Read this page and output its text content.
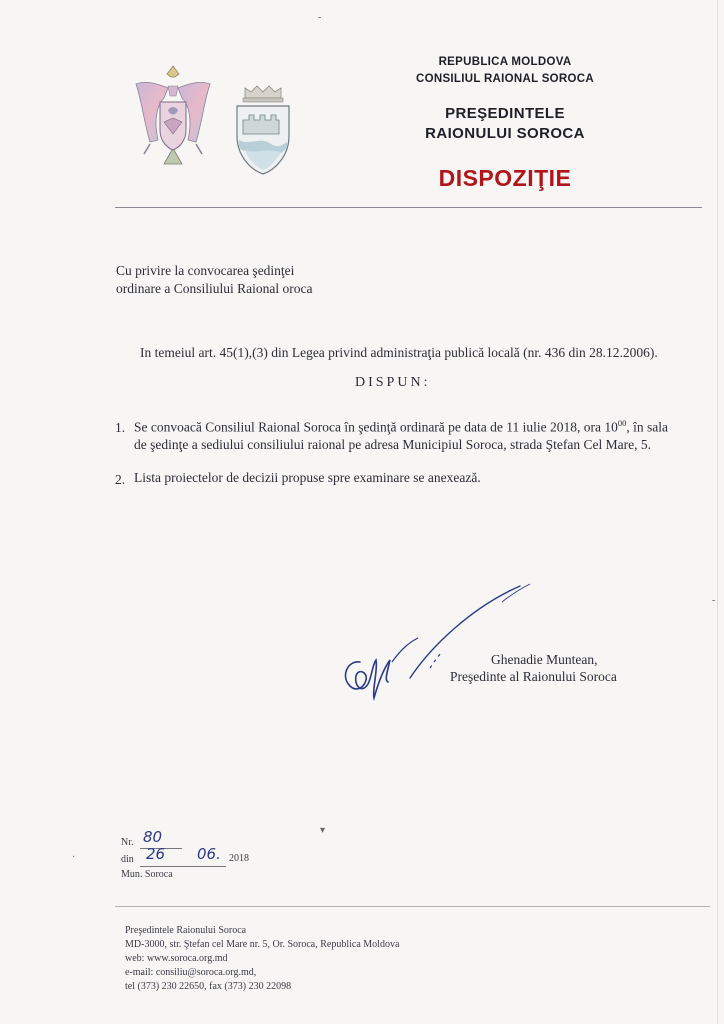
-
-
▾
·
REPUBLICA MOLDOVA
CONSILIUL RAIONAL SOROCA
PREŞEDINTELE
RAIONULUI SOROCA
DISPOZIŢIE
Cu privire la convocarea şedinţei
ordinare a Consiliului Raional oroca
In temeiul art. 45(1),(3) din Legea privind administraţia publică locală (nr. 436 din 28.12.2006).
DISPUN:
1. Se convoacă Consiliul Raional Soroca în şedinţă ordinară pe data de 11 iulie 2018, ora $10^{00}$, în sala
de şedinţe a sediului consiliului raional pe adresa Municipiul Soroca, strada Ştefan Cel Mare, 5.
2. Lista proiectelor de decizii propuse spre examinare se anexează.
Ghenadie Muntean,
Preşedinte al Raionului Soroca
Nr. 80
din 26 06. 2018
Mun. Soroca
Preşedintele Raionului Soroca
MD-3000, str. Ştefan cel Mare nr. 5, Or. Soroca, Republica Moldova
web: www.soroca.org.md
e-mail: consiliu@soroca.org.md,
tel (373) 230 22650, fax (373) 230 22098
